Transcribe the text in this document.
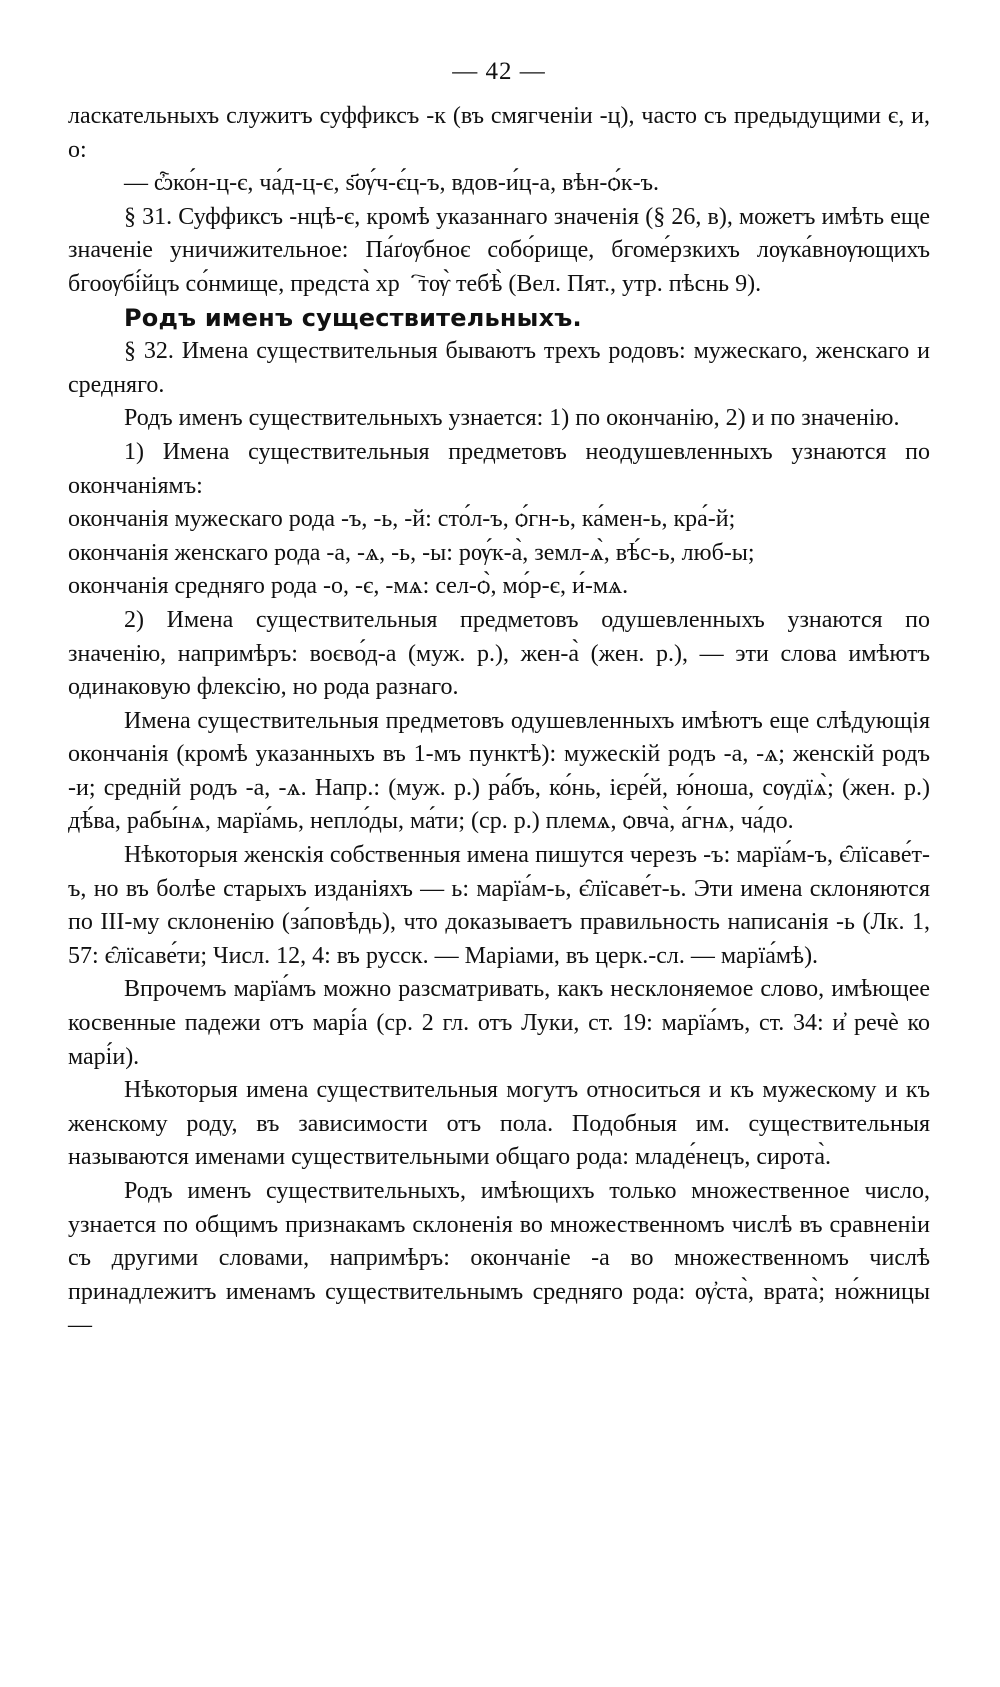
— 42 —

ласкательныхъ служитъ суффиксъ -к (въ смягченіи -ц), часто съ предыдущими є, и, о:

— ѽко́н-ц-є, ча́д-ц-є, ѕ҃ѹ́ч-є́ц-ъ, вдов-и́ц-а, вѣн-ѻ́к-ъ.

§ 31. Суффиксъ -нцѣ-є, кромѣ указаннаго значенія (§ 26, в), можетъ имѣть еще значеніе уничижительное: Па́ґѹбноє собо́рище, бгоме́рзкихъ лѹка́внѹющихъ бгоѹбі́йцъ со́нмище, предста̀ хрⷭ҇тѹ̀ тебѣ̀ (Вел. Пят., утр. пѣснь 9).

Родъ именъ существительныхъ.

§ 32. Имена существительныя бываютъ трехъ родовъ: мужескаго, женскаго и средняго.

Родъ именъ существительныхъ узнается: 1) по окончанію, 2) и по значенію.

1) Имена существительныя предметовъ неодушевленныхъ узнаются по окончаніямъ:

окончанія мужескаго рода -ъ, -ь, -й: сто́л-ъ, ѻ́гн-ь, ка́мен-ь, кра́-й;

окончанія женскаго рода -а, -ѧ, -ь, -ы: рѹ́к-а̀, земл-ѧ̀, вѣ́с-ь, люб-ы;

окончанія средняго рода -о, -є, -мѧ: сел-ѻ̀, мо́р-є, и́-мѧ.

2) Имена существительныя предметовъ одушевленныхъ узнаются по значенію, напримѣръ: воєво́д-а (муж. р.), жен-а̀ (жен. р.), — эти слова имѣютъ одинаковую флексію, но рода разнаго.

Имена существительныя предметовъ одушевленныхъ имѣютъ еще слѣдующія окончанія (кромѣ указанныхъ въ 1-мъ пунктѣ): мужескій родъ -а, -ѧ; женскій родъ -и; средній родъ -а, -ѧ. Напр.: (муж. р.) ра́бъ, ко́нь, ієре́й, ю́ноша, сѹдїѧ̀; (жен. р.) дѣ́ва, рабы́нѧ, марїа́мь, непло́ды, ма́ти; (ср. р.) племѧ, ѻвча̀, а́гнѧ, ча́до.

Нѣкоторыя женскія собственныя имена пишутся черезъ -ъ: марїа́м-ъ, є̑лїсаве́т-ъ, но въ болѣе старыхъ изданіяхъ — ь: марїа́м-ь, є̑лїсаве́т-ь. Эти имена склоняются по III-му склоненію (за́повѣдь), что доказываетъ правильность написанія -ь (Лк. 1, 57: є̑лїсаве́ти; Числ. 12, 4: въ русск. — Маріами, въ церк.-сл. — марїа́мѣ).

Впрочемъ марїа́мъ можно разсматривать, какъ несклоняемое слово, имѣющее косвенные падежи отъ марі́а (ср. 2 гл. отъ Луки, ст. 19: марїа́мъ, ст. 34: и҆ речѐ ко марі́и).

Нѣкоторыя имена существительныя могутъ относиться и къ мужескому и къ женскому роду, въ зависимости отъ пола. Подобныя им. существительныя называются именами существительными общаго рода: младе́нецъ, сирота̀.

Родъ именъ существительныхъ, имѣющихъ только множественное число, узнается по общимъ признакамъ склоненія во множественномъ числѣ въ сравненіи съ другими словами, напримѣръ: окончаніе -а во множественномъ числѣ принадлежитъ именамъ существительнымъ средняго рода: ѹ҆ста̀, врата̀; но́жницы —
